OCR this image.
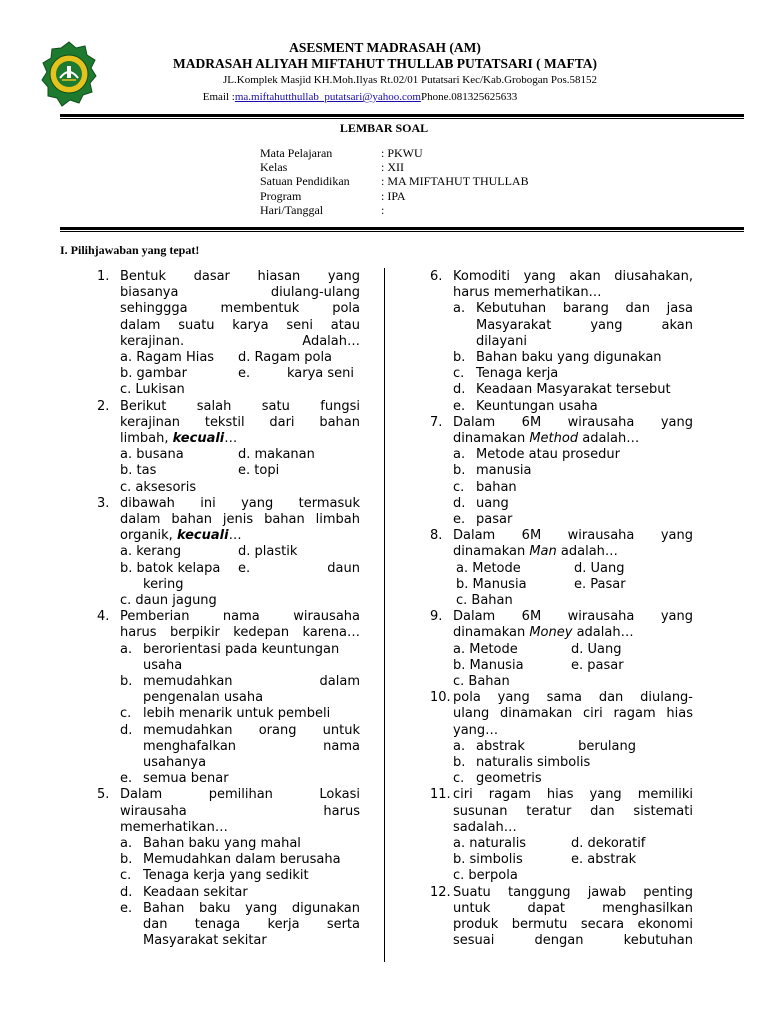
ASESMENT MADRASAH (AM)
MADRASAH ALIYAH MIFTAHUT THULLAB PUTATSARI ( MAFTA)
JL.Komplek Masjid KH.Moh.Ilyas Rt.02/01 Putatsari Kec/Kab.Grobogan Pos.58152
Email :ma.miftahutthullab_putatsari@yahoo.comPhone.081325625633
LEMBAR SOAL
Mata Pelajaran	: PKWU
Kelas	: XII
Satuan Pendidikan	: MA MIFTAHUT THULLAB
Program	: IPA
Hari/Tanggal	:
I. Pilihjawaban yang tepat!
1. Bentuk dasar hiasan yang
biasanya diulang-ulang
sehinggga membentuk pola
dalam suatu karya seni atau
kerajinan. Adalah…
a. Ragam Hias	d. Ragam pola
b. gambar	e.	karya seni
c. Lukisan
2. Berikut salah satu fungsi
kerajinan tekstil dari bahan
limbah, kecuali…
a. busana	d. makanan
b. tas	e. topi
c. aksesoris
3. dibawah ini yang termasuk
dalam bahan jenis bahan limbah
organik, kecuali…
a. kerang	d. plastik
b. batok kelapa	e.	daun
kering
c. daun jagung
4. Pemberian nama wirausaha
harus berpikir kedepan karena…
a. berorientasi pada keuntungan
usaha
b. memudahkan dalam
pengenalan usaha
c. lebih menarik untuk pembeli
d. memudahkan orang untuk
menghafalkan nama
usahanya
e. semua benar
5. Dalam pemilihan Lokasi
wirausaha harus
memerhatikan…
a. Bahan baku yang mahal
b. Memudahkan dalam berusaha
c. Tenaga kerja yang sedikit
d. Keadaan sekitar
e. Bahan baku yang digunakan
dan tenaga kerja serta
Masyarakat sekitar
6. Komoditi yang akan diusahakan,
harus memerhatikan…
a. Kebutuhan barang dan jasa
Masyarakat yang akan
dilayani
b. Bahan baku yang digunakan
c. Tenaga kerja
d. Keadaan Masyarakat tersebut
e. Keuntungan usaha
7. Dalam 6M wirausaha yang
dinamakan Method adalah…
a. Metode atau prosedur
b. manusia
c. bahan
d. uang
e. pasar
8. Dalam 6M wirausaha yang
dinamakan Man adalah…
a. Metode	d. Uang
b. Manusia	e. Pasar
c. Bahan
9. Dalam 6M wirausaha yang
dinamakan Money adalah…
a. Metode	d. Uang
b. Manusia	e. pasar
c. Bahan
10. pola yang sama dan diulang-
ulang dinamakan ciri ragam hias
yang…
a. abstrak	berulang
b. naturalis simbolis
c. geometris
11. ciri ragam hias yang memiliki
susunan teratur dan sistemati
sadalah…
a. naturalis	d. dekoratif
b. simbolis	e. abstrak
c. berpola
12. Suatu tanggung jawab penting
untuk dapat menghasilkan
produk bermutu secara ekonomi
sesuai dengan kebutuhan
